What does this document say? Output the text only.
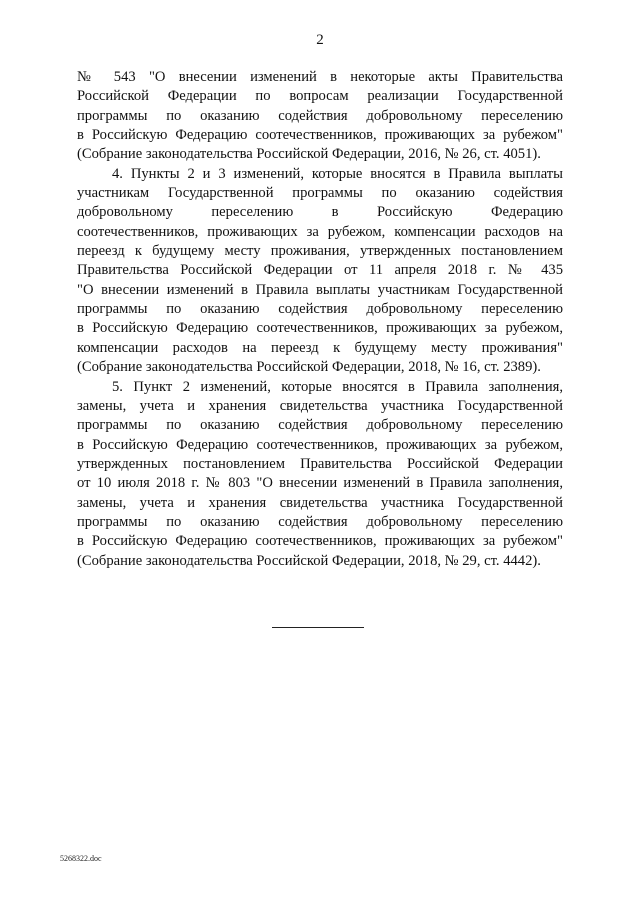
2
№ 543 "О внесении изменений в некоторые акты Правительства
Российской Федерации по вопросам реализации Государственной
программы по оказанию содействия добровольному переселению
в Российскую Федерацию соотечественников, проживающих за рубежом"
(Собрание законодательства Российской Федерации, 2016, № 26, ст. 4051).
4. Пункты 2 и 3 изменений, которые вносятся в Правила выплаты
участникам Государственной программы по оказанию содействия
добровольному переселению в Российскую Федерацию
соотечественников, проживающих за рубежом, компенсации расходов на
переезд к будущему месту проживания, утвержденных постановлением
Правительства Российской Федерации от 11 апреля 2018 г. № 435
"О внесении изменений в Правила выплаты участникам Государственной
программы по оказанию содействия добровольному переселению
в Российскую Федерацию соотечественников, проживающих за рубежом,
компенсации расходов на переезд к будущему месту проживания"
(Собрание законодательства Российской Федерации, 2018, № 16, ст. 2389).
5. Пункт 2 изменений, которые вносятся в Правила заполнения,
замены, учета и хранения свидетельства участника Государственной
программы по оказанию содействия добровольному переселению
в Российскую Федерацию соотечественников, проживающих за рубежом,
утвержденных постановлением Правительства Российской Федерации
от 10 июля 2018 г. № 803 "О внесении изменений в Правила заполнения,
замены, учета и хранения свидетельства участника Государственной
программы по оказанию содействия добровольному переселению
в Российскую Федерацию соотечественников, проживающих за рубежом"
(Собрание законодательства Российской Федерации, 2018, № 29, ст. 4442).
5268322.doc
